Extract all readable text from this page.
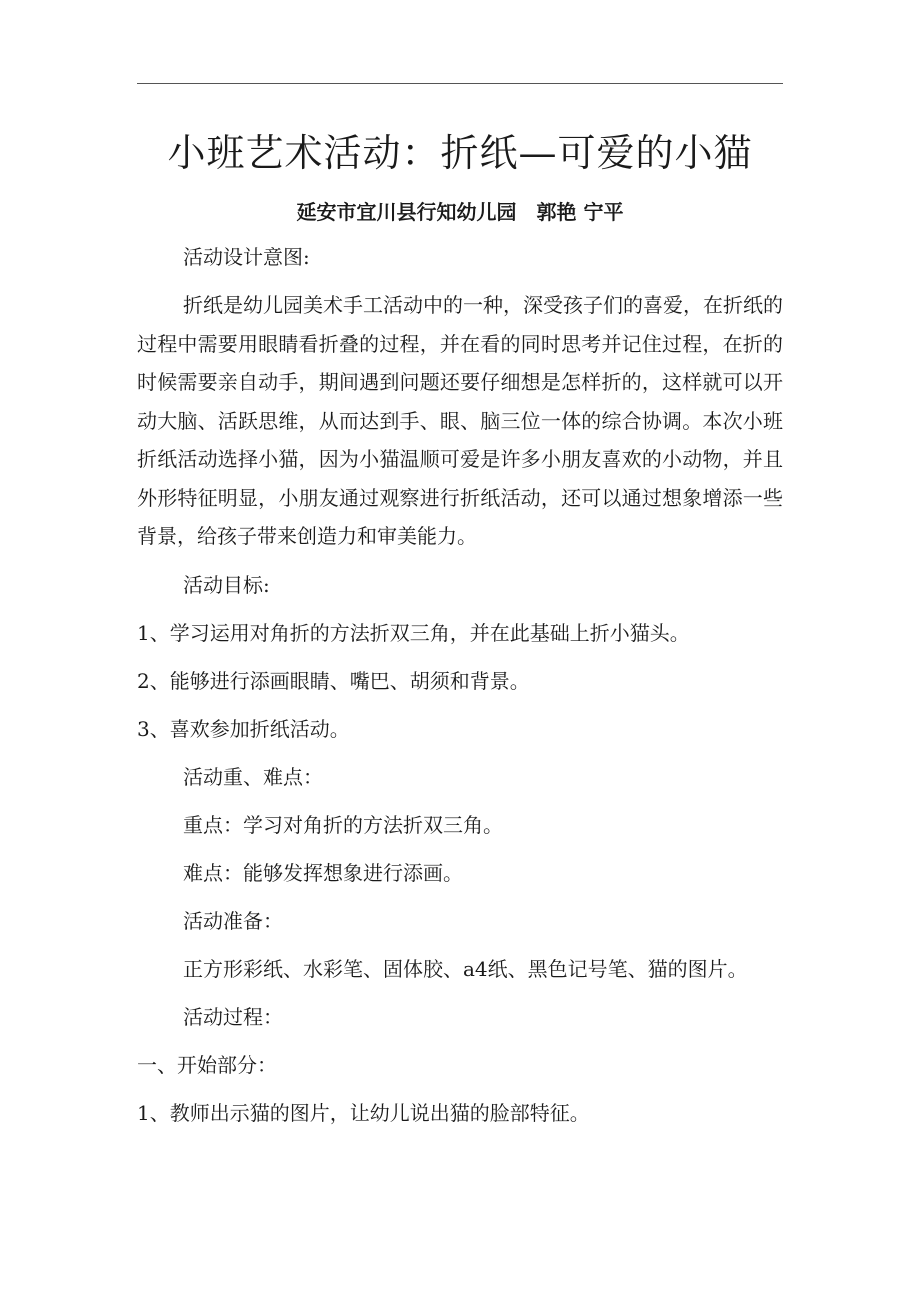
小班艺术活动：折纸—可爱的小猫
延安市宜川县行知幼儿园　郭艳 宁平

活动设计意图:

折纸是幼儿园美术手工活动中的一种，深受孩子们的喜爱，在折纸的过程中需要用眼睛看折叠的过程，并在看的同时思考并记住过程，在折的时候需要亲自动手，期间遇到问题还要仔细想是怎样折的，这样就可以开动大脑、活跃思维，从而达到手、眼、脑三位一体的综合协调。本次小班折纸活动选择小猫，因为小猫温顺可爱是许多小朋友喜欢的小动物，并且外形特征明显，小朋友通过观察进行折纸活动，还可以通过想象增添一些背景，给孩子带来创造力和审美能力。

活动目标:

1、学习运用对角折的方法折双三角，并在此基础上折小猫头。

2、能够进行添画眼睛、嘴巴、胡须和背景。

3、喜欢参加折纸活动。

活动重、难点：

重点：学习对角折的方法折双三角。

难点：能够发挥想象进行添画。

活动准备：

正方形彩纸、水彩笔、固体胶、a4纸、黑色记号笔、猫的图片。

活动过程：

一、开始部分：

1、教师出示猫的图片，让幼儿说出猫的脸部特征。
